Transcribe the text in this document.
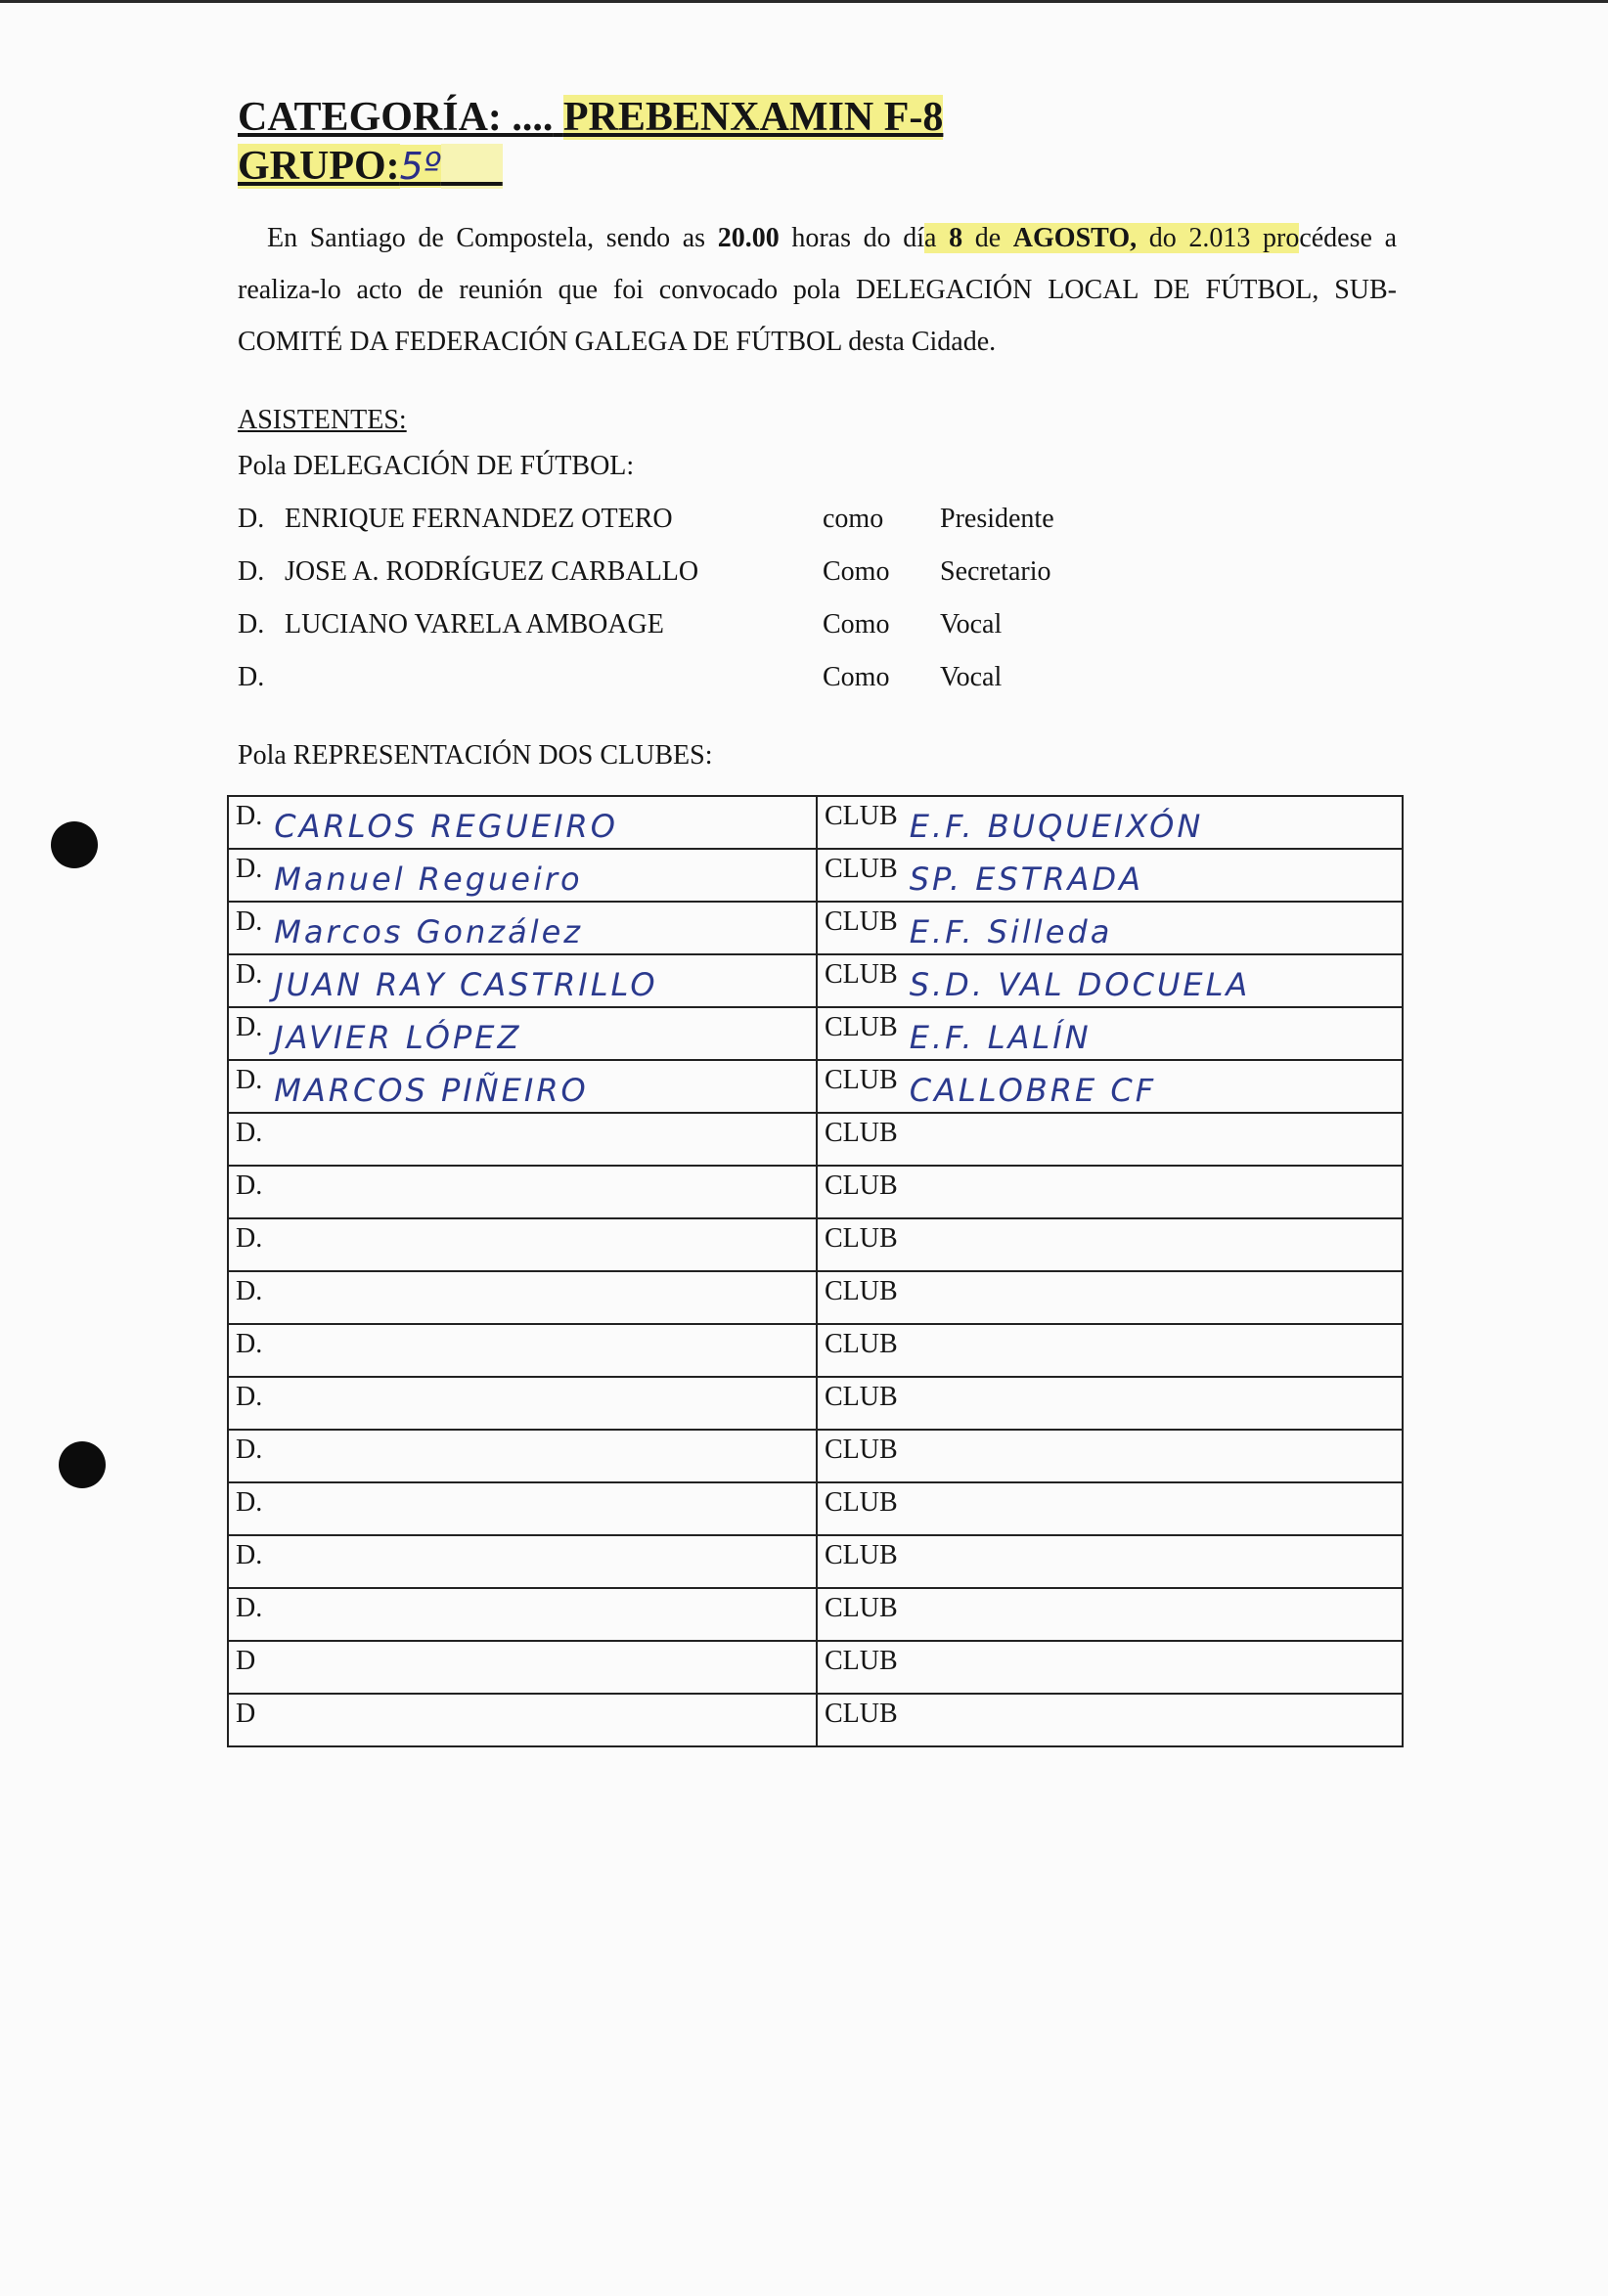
CATEGORÍA: .... PREBENXAMIN F-8
GRUPO:5º
En Santiago de Compostela, sendo as 20.00 horas do día 8 de AGOSTO, do 2.013 procédese a realiza-lo acto de reunión que foi convocado pola DELEGACIÓN LOCAL DE FÚTBOL, SUB-COMITÉ DA FEDERACIÓN GALEGA DE FÚTBOL desta Cidade.
ASISTENTES:
Pola DELEGACIÓN DE FÚTBOL:
D. ENRIQUE FERNANDEZ OTERO	como	Presidente
D. JOSE A. RODRÍGUEZ CARBALLO	Como	Secretario
D. LUCIANO VARELA AMBOAGE	Como	Vocal
D.	Como	Vocal
Pola REPRESENTACIÓN DOS CLUBES:
D. CARLOS REGUEIRO	CLUB E.F. BUQUEIXÓN

D. Manuel Regueiro	CLUB SP. ESTRADA

D. Marcos González	CLUB E.F. Silleda

D. JUAN RAY CASTRILLO	CLUB S.D. VAL DOCUELA

D. JAVIER LÓPEZ	CLUB E.F. LALÍN

D. MARCOS PIÑEIRO	CLUB CALLOBRE CF

D.	CLUB

D.	CLUB

D.	CLUB

D.	CLUB

D.	CLUB

D.	CLUB

D.	CLUB

D.	CLUB

D.	CLUB

D.	CLUB

D	CLUB

D	CLUB
